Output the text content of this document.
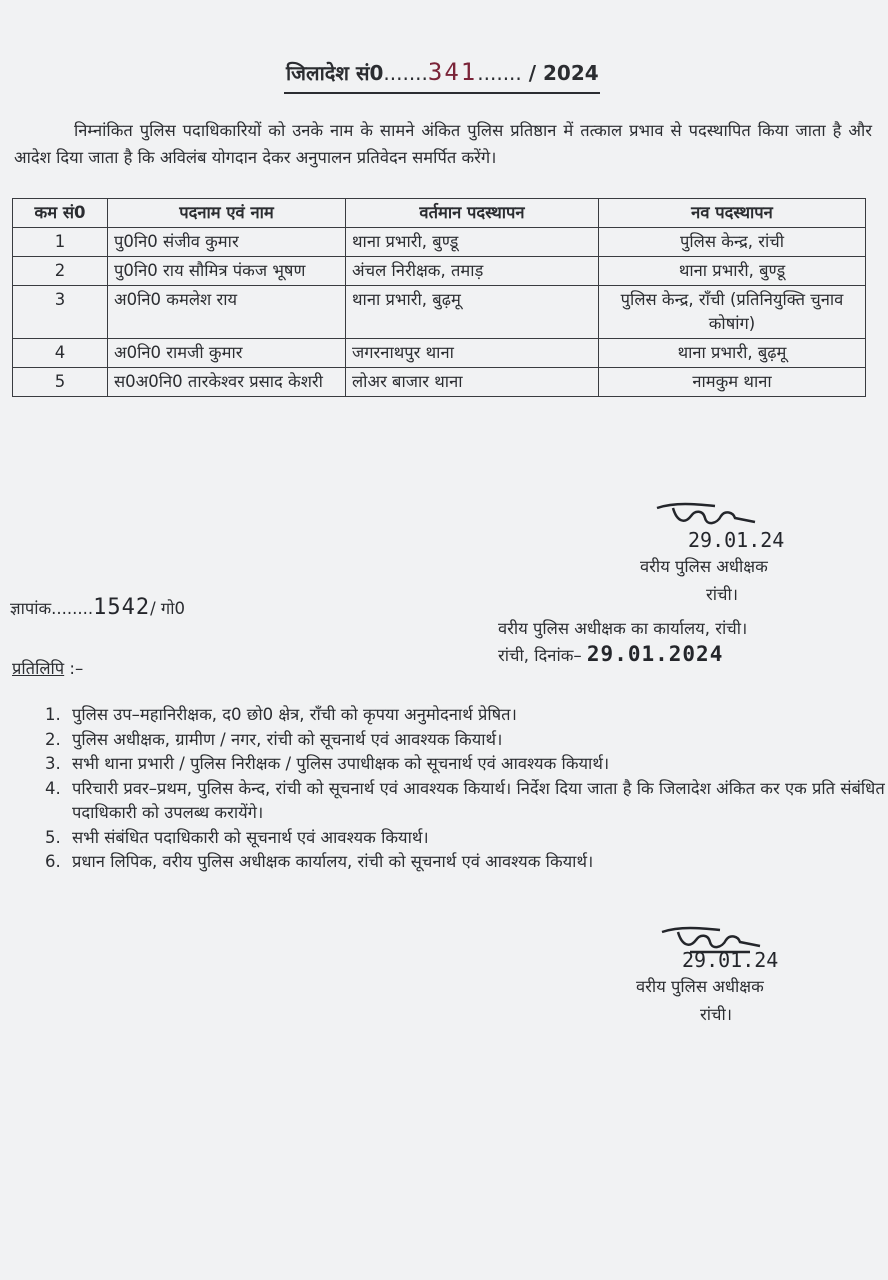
जिलादेश सं0.......341....... / 2024

निम्नांकित पुलिस पदाधिकारियों को उनके नाम के सामने अंकित पुलिस प्रतिष्ठान में तत्काल प्रभाव से पदस्थापित किया जाता है और आदेश दिया जाता है कि अविलंब योगदान देकर अनुपालन प्रतिवेदन समर्पित करेंगे।

कम सं0	पदनाम एवं नाम	वर्तमान पदस्थापन	नव पदस्थापन
1	पु0नि0 संजीव कुमार	थाना प्रभारी, बुण्डू	पुलिस केन्द्र, रांची
2	पु0नि0 राय सौमित्र पंकज भूषण	अंचल निरीक्षक, तमाड़	थाना प्रभारी, बुण्डू
3	अ0नि0 कमलेश राय	थाना प्रभारी, बुढ़मू	पुलिस केन्द्र, राँची (प्रतिनियुक्ति चुनाव कोषांग)
4	अ0नि0 रामजी कुमार	जगरनाथपुर थाना	थाना प्रभारी, बुढ़मू
5	स0अ0नि0 तारकेश्वर प्रसाद केशरी	लोअर बाजार थाना	नामकुम थाना
29.01.24
वरीय पुलिस अधीक्षक
रांची।
ज्ञापांक........1542/ गो0
वरीय पुलिस अधीक्षक का कार्यालय, रांची।
रांची, दिनांक– 29.01.2024
प्रतिलिपि :–
1. पुलिस उप–महानिरीक्षक, द0 छो0 क्षेत्र, राँची को कृपया अनुमोदनार्थ प्रेषित।
2. पुलिस अधीक्षक, ग्रामीण / नगर, रांची को सूचनार्थ एवं आवश्यक कियार्थ।
3. सभी थाना प्रभारी / पुलिस निरीक्षक / पुलिस उपाधीक्षक को सूचनार्थ एवं आवश्यक कियार्थ।
4. परिचारी प्रवर–प्रथम, पुलिस केन्द, रांची को सूचनार्थ एवं आवश्यक कियार्थ। निर्देश दिया जाता है कि जिलादेश अंकित कर एक प्रति संबंधित पदाधिकारी को उपलब्ध करायेंगे।
5. सभी संबंधित पदाधिकारी को सूचनार्थ एवं आवश्यक कियार्थ।
6. प्रधान लिपिक, वरीय पुलिस अधीक्षक कार्यालय, रांची को सूचनार्थ एवं आवश्यक कियार्थ।
29.01.24
वरीय पुलिस अधीक्षक
रांची।
